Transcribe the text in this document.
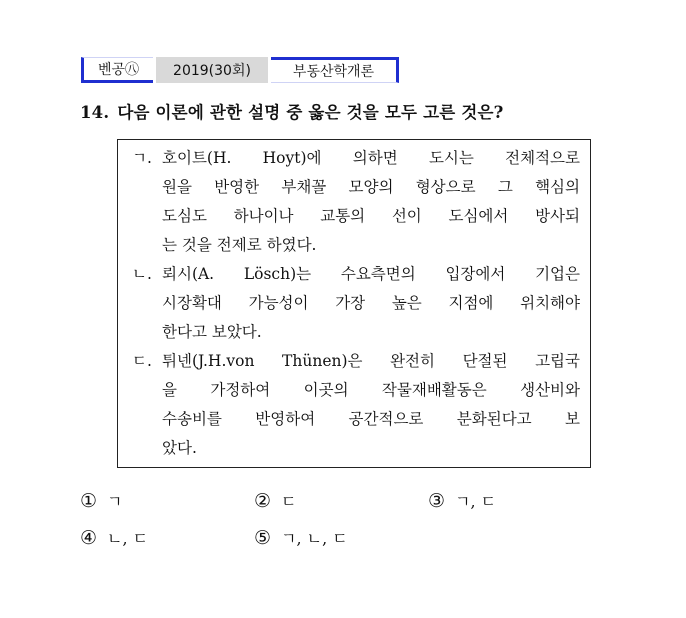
벤공㊇	2019(30회)	부동산학개론
14. 다음 이론에 관한 설명 중 옳은 것을 모두 고른 것은?
ㄱ. 호이트(H. Hoyt)에 의하면 도시는 전체적으로
원을 반영한 부채꼴 모양의 형상으로 그 핵심의
도심도 하나이나 교통의 선이 도심에서 방사되
는 것을 전제로 하였다.
ㄴ. 뢰시(A. Lösch)는 수요측면의 입장에서 기업은
시장확대 가능성이 가장 높은 지점에 위치해야
한다고 보았다.
ㄷ. 튀넨(J.H.von Thünen)은 완전히 단절된 고립국
을 가정하여 이곳의 작물재배활동은 생산비와
수송비를 반영하여 공간적으로 분화된다고 보
았다.
① ㄱ	② ㄷ	③ ㄱ, ㄷ
④ ㄴ, ㄷ	⑤ ㄱ, ㄴ, ㄷ
